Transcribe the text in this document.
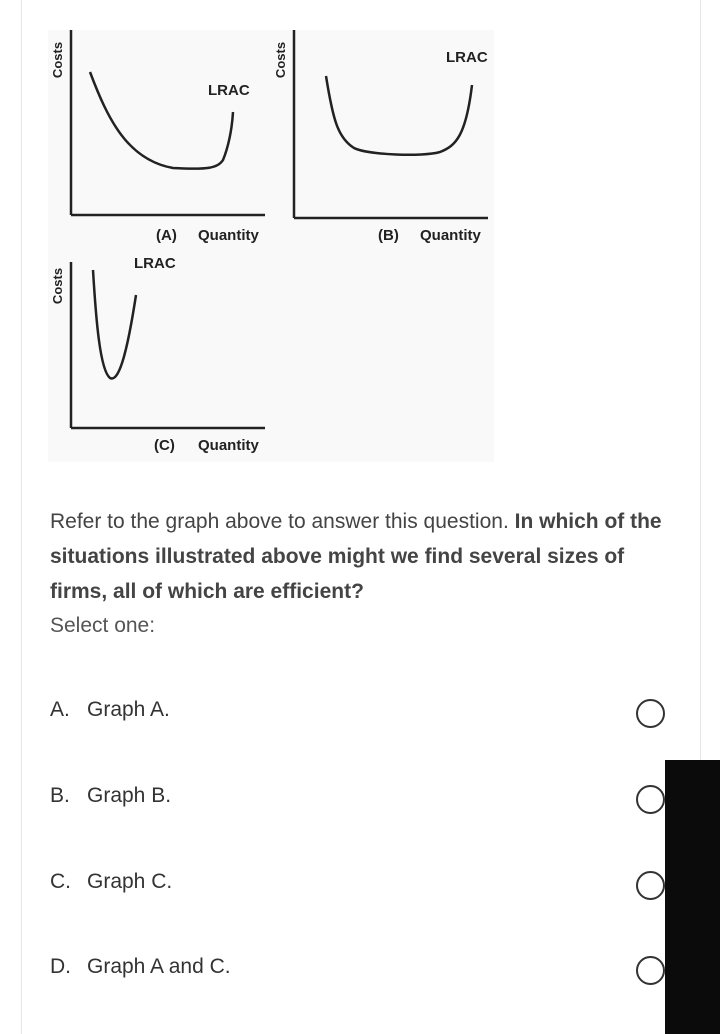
Costs
LRAC
(A) Quantity
Costs	LRAC
(B) Quantity
Costs
LRAC
(C) Quantity
Refer to the graph above to answer this question. In which of the situations illustrated above might we find several sizes of firms, all of which are efficient?
Select one:
A. Graph A.
B. Graph B.
C. Graph C.
D. Graph A and C.
